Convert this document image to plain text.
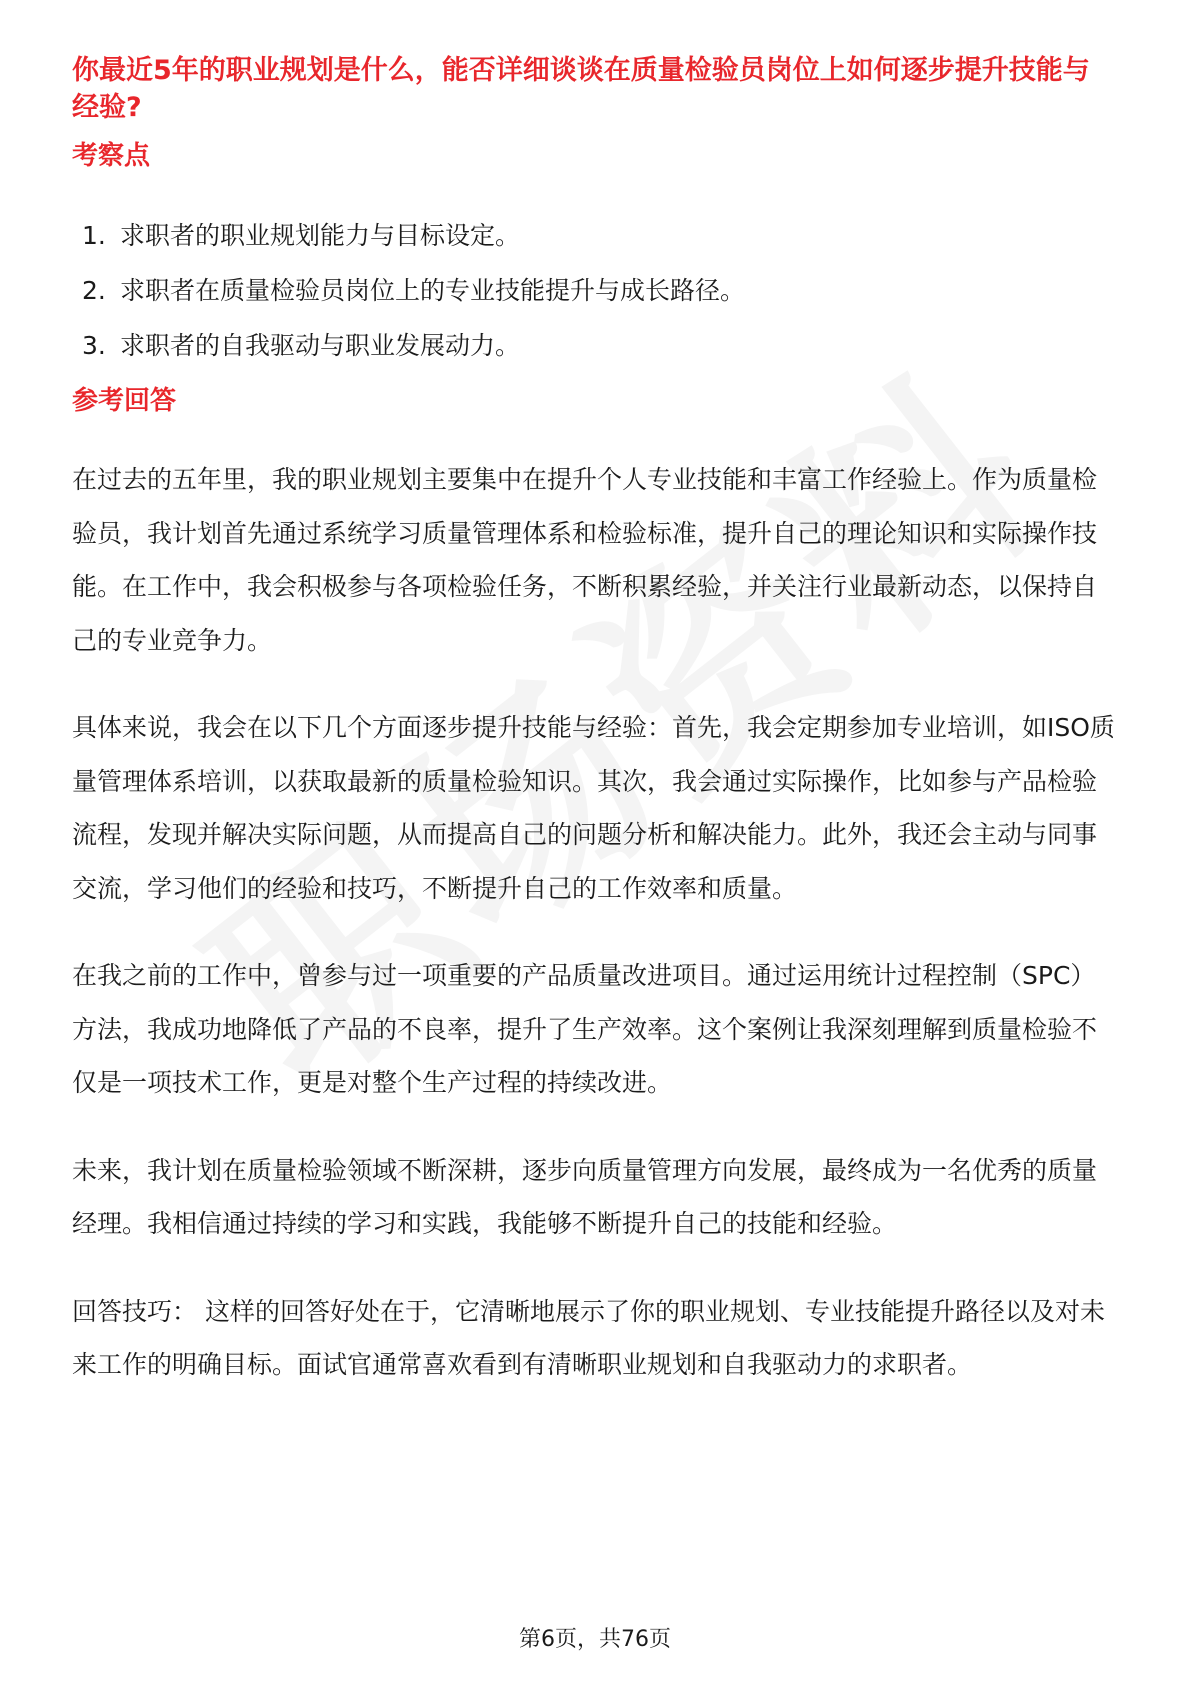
你最近5年的职业规划是什么，能否详细谈谈在质量检验员岗位上如何逐步提升技能与经验?
考察点
1. 求职者的职业规划能力与目标设定。
2. 求职者在质量检验员岗位上的专业技能提升与成长路径。
3. 求职者的自我驱动与职业发展动力。
参考回答

在过去的五年里，我的职业规划主要集中在提升个人专业技能和丰富工作经验上。作为质量检验员，我计划首先通过系统学习质量管理体系和检验标准，提升自己的理论知识和实际操作技能。在工作中，我会积极参与各项检验任务，不断积累经验，并关注行业最新动态，以保持自己的专业竞争力。

具体来说，我会在以下几个方面逐步提升技能与经验：首先，我会定期参加专业培训，如ISO质量管理体系培训，以获取最新的质量检验知识。其次，我会通过实际操作，比如参与产品检验流程，发现并解决实际问题，从而提高自己的问题分析和解决能力。此外，我还会主动与同事交流，学习他们的经验和技巧，不断提升自己的工作效率和质量。

在我之前的工作中，曾参与过一项重要的产品质量改进项目。通过运用统计过程控制（SPC）方法，我成功地降低了产品的不良率，提升了生产效率。这个案例让我深刻理解到质量检验不仅是一项技术工作，更是对整个生产过程的持续改进。

未来，我计划在质量检验领域不断深耕，逐步向质量管理方向发展，最终成为一名优秀的质量经理。我相信通过持续的学习和实践，我能够不断提升自己的技能和经验。

回答技巧： 这样的回答好处在于，它清晰地展示了你的职业规划、专业技能提升路径以及对未来工作的明确目标。面试官通常喜欢看到有清晰职业规划和自我驱动力的求职者。

第6页，共76页
